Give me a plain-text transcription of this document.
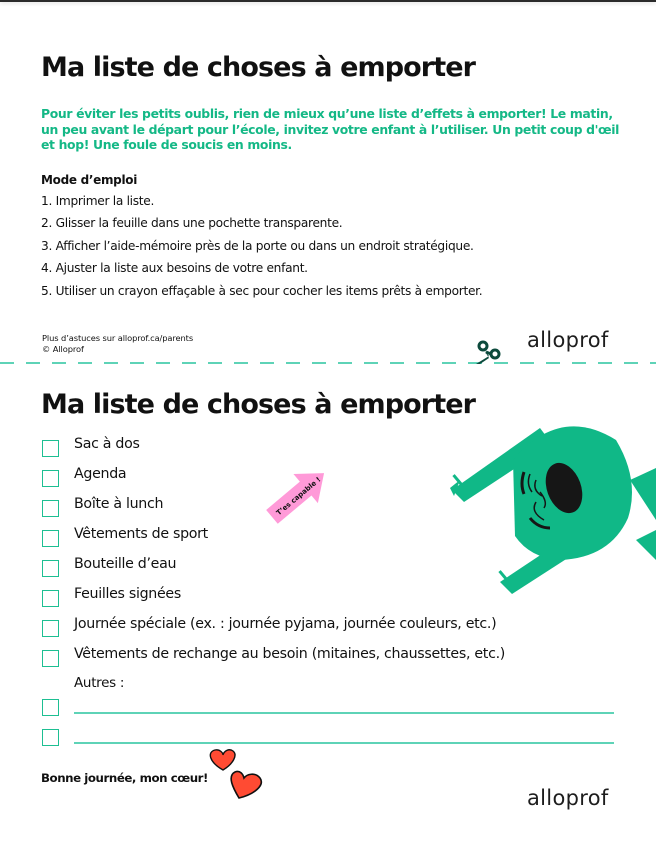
Ma liste de choses à emporter

Pour éviter les petits oublis, rien de mieux qu’une liste d’effets à emporter! Le matin, un peu avant le départ pour l’école, invitez votre enfant à l’utiliser. Un petit coup d'œil et hop! Une foule de soucis en moins.

Mode d’emploi
1. Imprimer la liste.
2. Glisser la feuille dans une pochette transparente.
3. Afficher l’aide-mémoire près de la porte ou dans un endroit stratégique.
4. Ajuster la liste aux besoins de votre enfant.
5. Utiliser un crayon effaçable à sec pour cocher les items prêts à emporter.
Plus d’astuces sur alloprof.ca/parents
© Alloprof	alloprof
Ma liste de choses à emporter
Sac à dos
Agenda
Boîte à lunch
Vêtements de sport
Bouteille d’eau
Feuilles signées
Journée spéciale (ex. : journée pyjama, journée couleurs, etc.)
Vêtements de rechange au besoin (mitaines, chaussettes, etc.)
Autres :
T’es capable !
Bonne journée, mon cœur!
alloprof
